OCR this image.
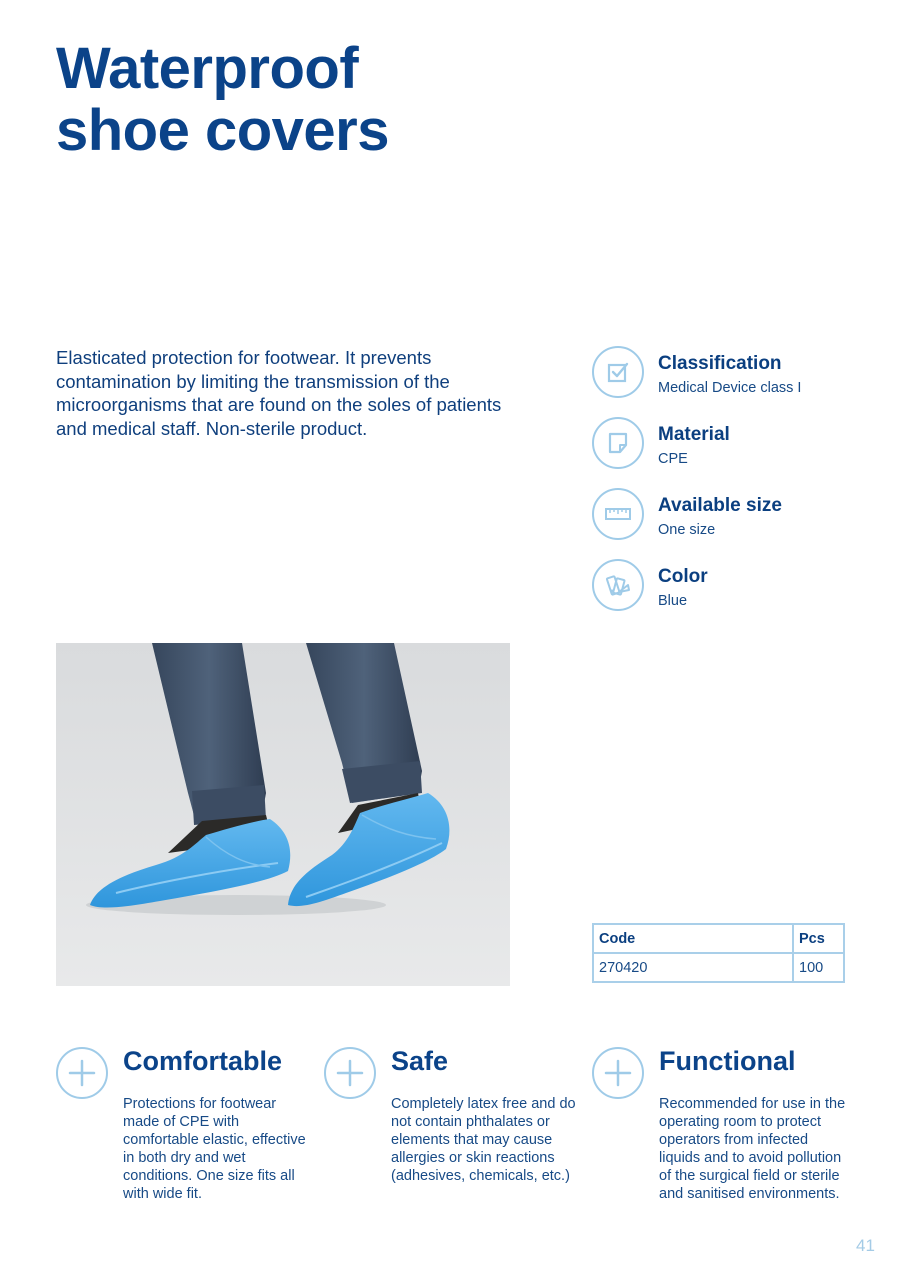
Waterproof
shoe covers

Elasticated protection for footwear. It prevents contamination by limiting the transmission of the microorganisms that are found on the soles of patients and medical staff. Non-sterile product.

Classification
Medical Device class I
Material
CPE
Available size
One size
Color
Blue
Code	Pcs
270420	100
Comfortable

Protections for footwear made of CPE with comfortable elastic, effective in both dry and wet conditions. One size fits all with wide fit.

Safe

Completely latex free and do not contain phthalates or elements that may cause allergies or skin reactions (adhesives, chemicals, etc.)

Functional

Recommended for use in the operating room to protect operators from infected liquids and to avoid pollution of the surgical field or sterile and sanitised environments.

41
